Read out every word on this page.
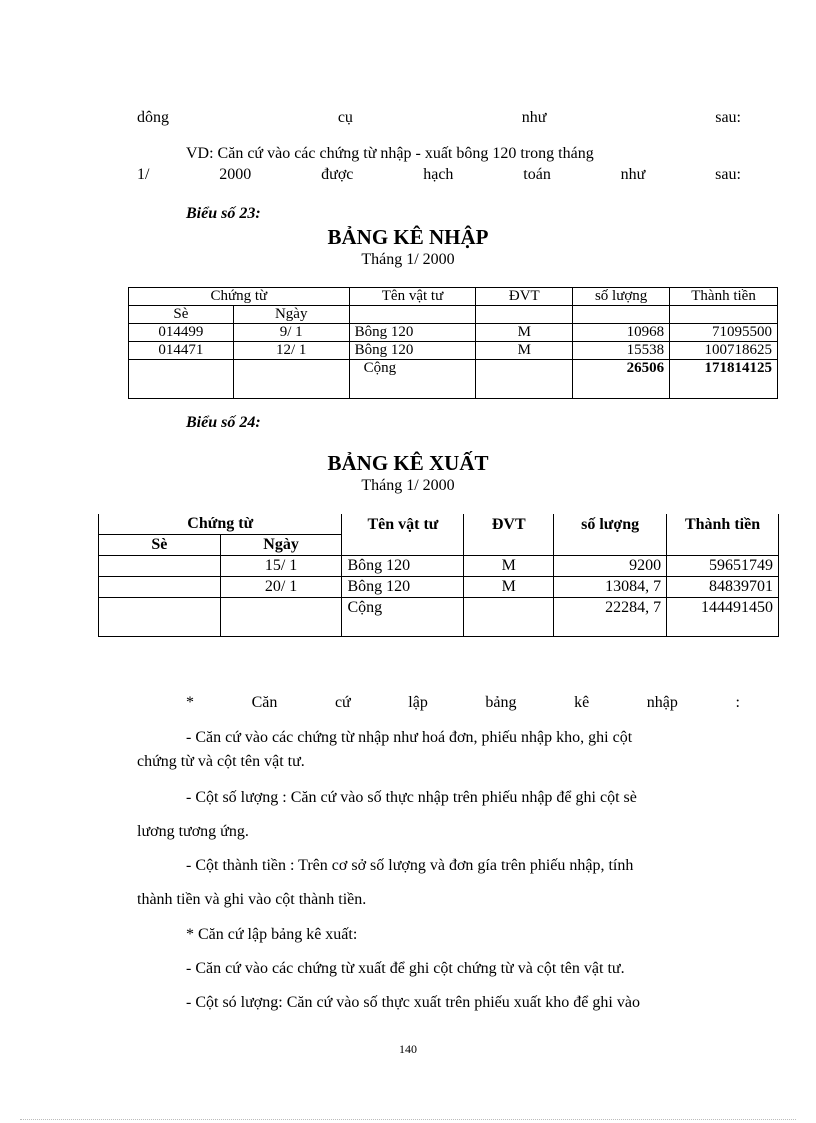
dông	cụ	như	sau:
VD: Căn cứ vào các chứng từ nhập - xuất bông 120 trong tháng
1/	2000	được	hạch	toán	như	sau:
Biểu số 23:
BẢNG KÊ NHẬP
Tháng 1/ 2000
Chứng từ		Tên vật tư	ĐVT	số lượng	Thành tiền
Sè	Ngày				
014499	9/ 1	Bông 120	M	10968	71095500
014471	12/ 1	Bông 120	M	15538	100718625
		Cộng		26506	171814125
Biểu số 24:
BẢNG KÊ XUẤT
Tháng 1/ 2000
Chứng từ		Tên vật tư	ĐVT	số lượng	Thành tiền
Sè	Ngày				
	15/ 1	Bông 120	M	9200	59651749
	20/ 1	Bông 120	M	13084, 7	84839701
		Cộng		22284, 7	144491450
*	Căn	cứ	lập	bảng	kê	nhập	:
- Căn cứ vào các chứng từ nhập như hoá đơn, phiếu nhập kho, ghi cột
chứng từ và cột tên vật tư.
- Cột số lượng : Căn cứ vào số thực nhập trên phiếu nhập để ghi cột sè
lương tương ứng.
- Cột thành tiền : Trên cơ sở số lượng và đơn gía trên phiếu nhập, tính
thành tiền và ghi vào cột thành tiền.
* Căn cứ lập bảng kê xuất:
- Căn cứ vào các chứng từ xuất để ghi cột chứng từ và cột tên vật tư.
- Cột só lượng: Căn cứ vào số thực xuất trên phiếu xuất kho để ghi vào
140
